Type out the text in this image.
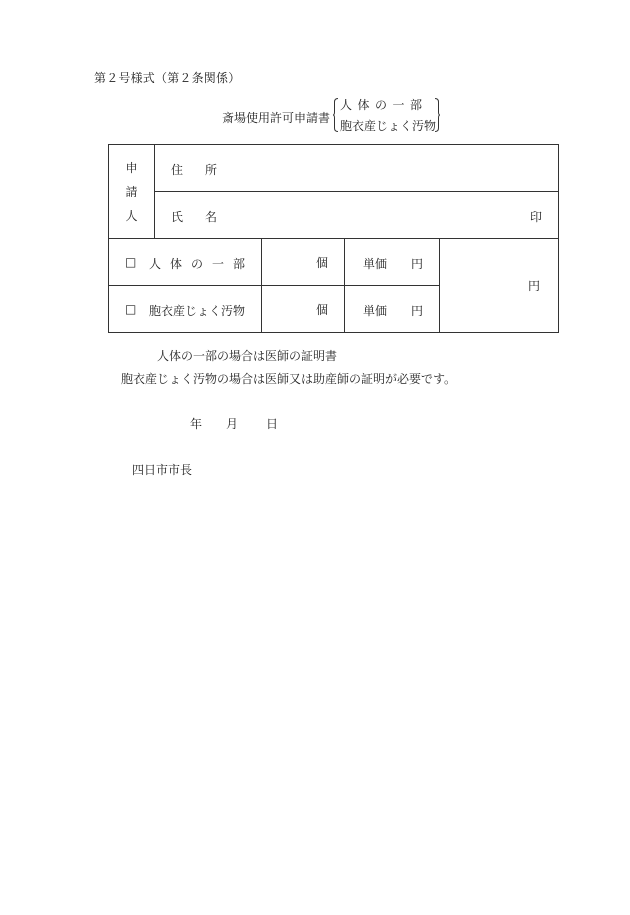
第２号様式（第２条関係）
斎場使用許可申請書
人体の一部
胞衣産じょく汚物
申
請
人	住所			

	氏名 印			

□ 人体の一部		個	単価 円	円

□ 胞衣産じょく汚物		個	単価 円	
人体の一部の場合は医師の証明書
胞衣産じょく汚物の場合は医師又は助産師の証明が必要です。
年 月 日
四日市市長
